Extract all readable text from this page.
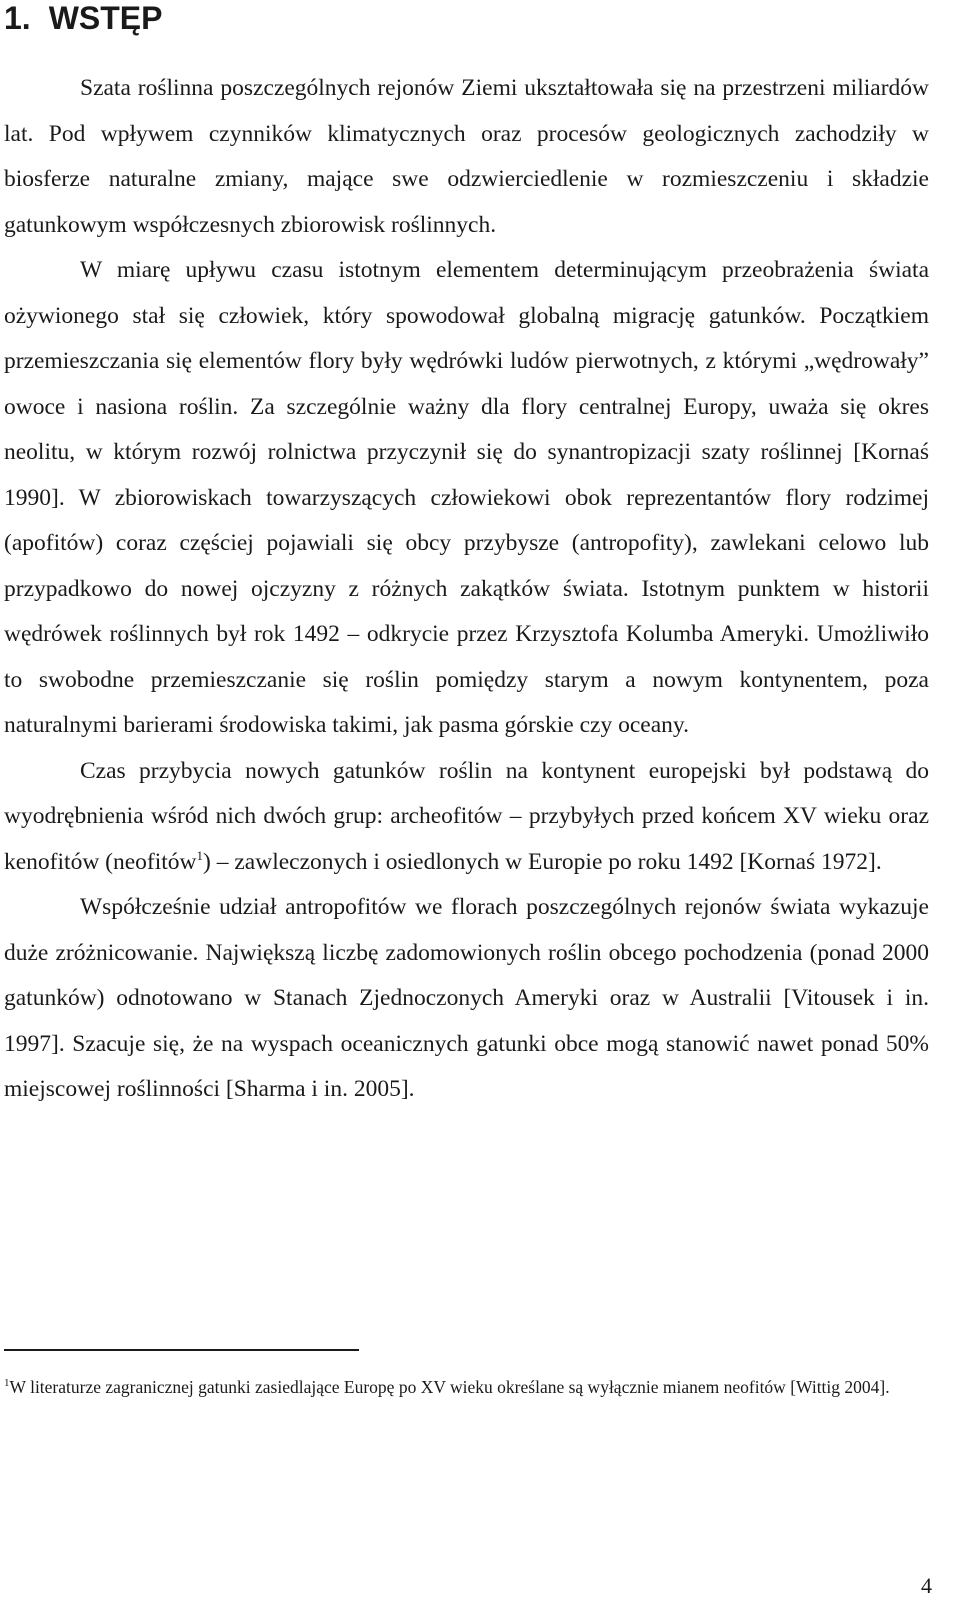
1. WSTĘP

Szata roślinna poszczególnych rejonów Ziemi ukształtowała się na przestrzeni miliardów lat. Pod wpływem czynników klimatycznych oraz procesów geologicznych zachodziły w biosferze naturalne zmiany, mające swe odzwierciedlenie w rozmieszczeniu i składzie gatunkowym współczesnych zbiorowisk roślinnych.

W miarę upływu czasu istotnym elementem determinującym przeobrażenia świata ożywionego stał się człowiek, który spowodował globalną migrację gatunków. Początkiem przemieszczania się elementów flory były wędrówki ludów pierwotnych, z którymi „wędrowały” owoce i nasiona roślin. Za szczególnie ważny dla flory centralnej Europy, uważa się okres neolitu, w którym rozwój rolnictwa przyczynił się do synantropizacji szaty roślinnej [Kornaś 1990]. W zbiorowiskach towarzyszących człowiekowi obok reprezentantów flory rodzimej (apofitów) coraz częściej pojawiali się obcy przybysze (antropofity), zawlekani celowo lub przypadkowo do nowej ojczyzny z różnych zakątków świata. Istotnym punktem w historii wędrówek roślinnych był rok 1492 – odkrycie przez Krzysztofa Kolumba Ameryki. Umożliwiło to swobodne przemieszczanie się roślin pomiędzy starym a nowym kontynentem, poza naturalnymi barierami środowiska takimi, jak pasma górskie czy oceany.

Czas przybycia nowych gatunków roślin na kontynent europejski był podstawą do wyodrębnienia wśród nich dwóch grup: archeofitów – przybyłych przed końcem XV wieku oraz kenofitów (neofitów$^1$) – zawleczonych i osiedlonych w Europie po roku 1492 [Kornaś 1972].

Współcześnie udział antropofitów we florach poszczególnych rejonów świata wykazuje duże zróżnicowanie. Największą liczbę zadomowionych roślin obcego pochodzenia (ponad 2000 gatunków) odnotowano w Stanach Zjednoczonych Ameryki oraz w Australii [Vitousek i in. 1997]. Szacuje się, że na wyspach oceanicznych gatunki obce mogą stanowić nawet ponad 50% miejscowej roślinności [Sharma i in. 2005].

$^1$W literaturze zagranicznej gatunki zasiedlające Europę po XV wieku określane są wyłącznie mianem neofitów [Wittig 2004].

4
